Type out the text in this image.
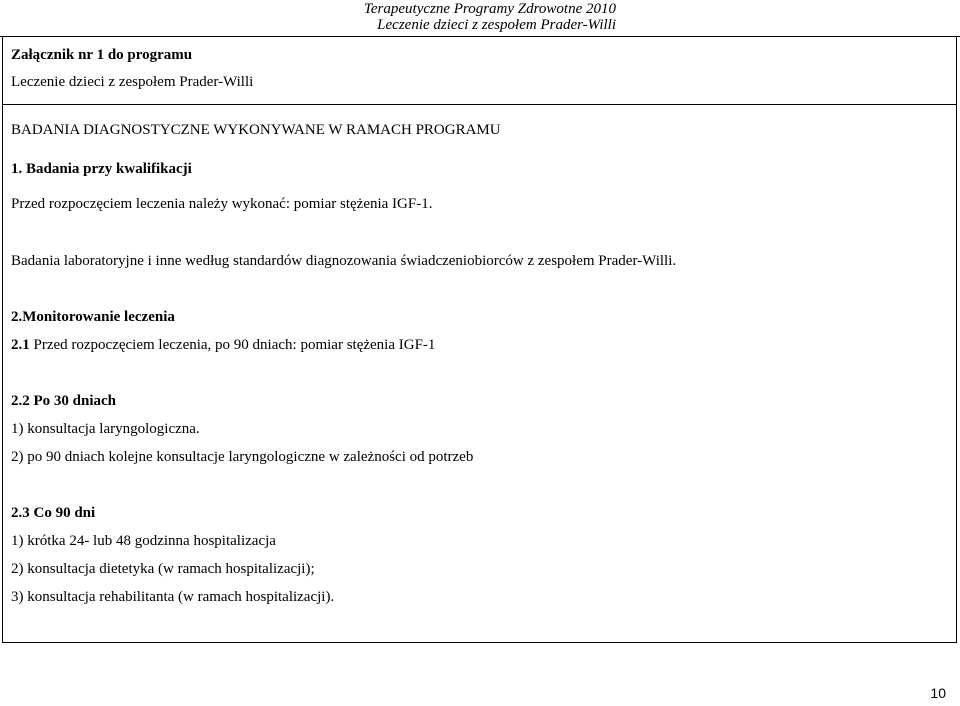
Terapeutyczne Programy Zdrowotne 2010
Leczenie dzieci z zespołem Prader-Willi
Załącznik nr 1 do programu
Leczenie dzieci z zespołem Prader-Willi
BADANIA DIAGNOSTYCZNE WYKONYWANE W RAMACH PROGRAMU
1. Badania przy kwalifikacji
Przed rozpoczęciem leczenia należy wykonać: pomiar stężenia IGF-1.
Badania laboratoryjne i inne według standardów diagnozowania świadczeniobiorców z zespołem Prader-Willi.
2.Monitorowanie leczenia
2.1 Przed rozpoczęciem leczenia, po 90 dniach: pomiar stężenia IGF-1
2.2 Po 30 dniach
1) konsultacja laryngologiczna.
2) po 90 dniach kolejne konsultacje laryngologiczne w zależności od potrzeb
2.3 Co 90 dni
1) krótka 24- lub 48 godzinna hospitalizacja
2) konsultacja dietetyka (w ramach hospitalizacji);
3) konsultacja rehabilitanta (w ramach hospitalizacji).
10
